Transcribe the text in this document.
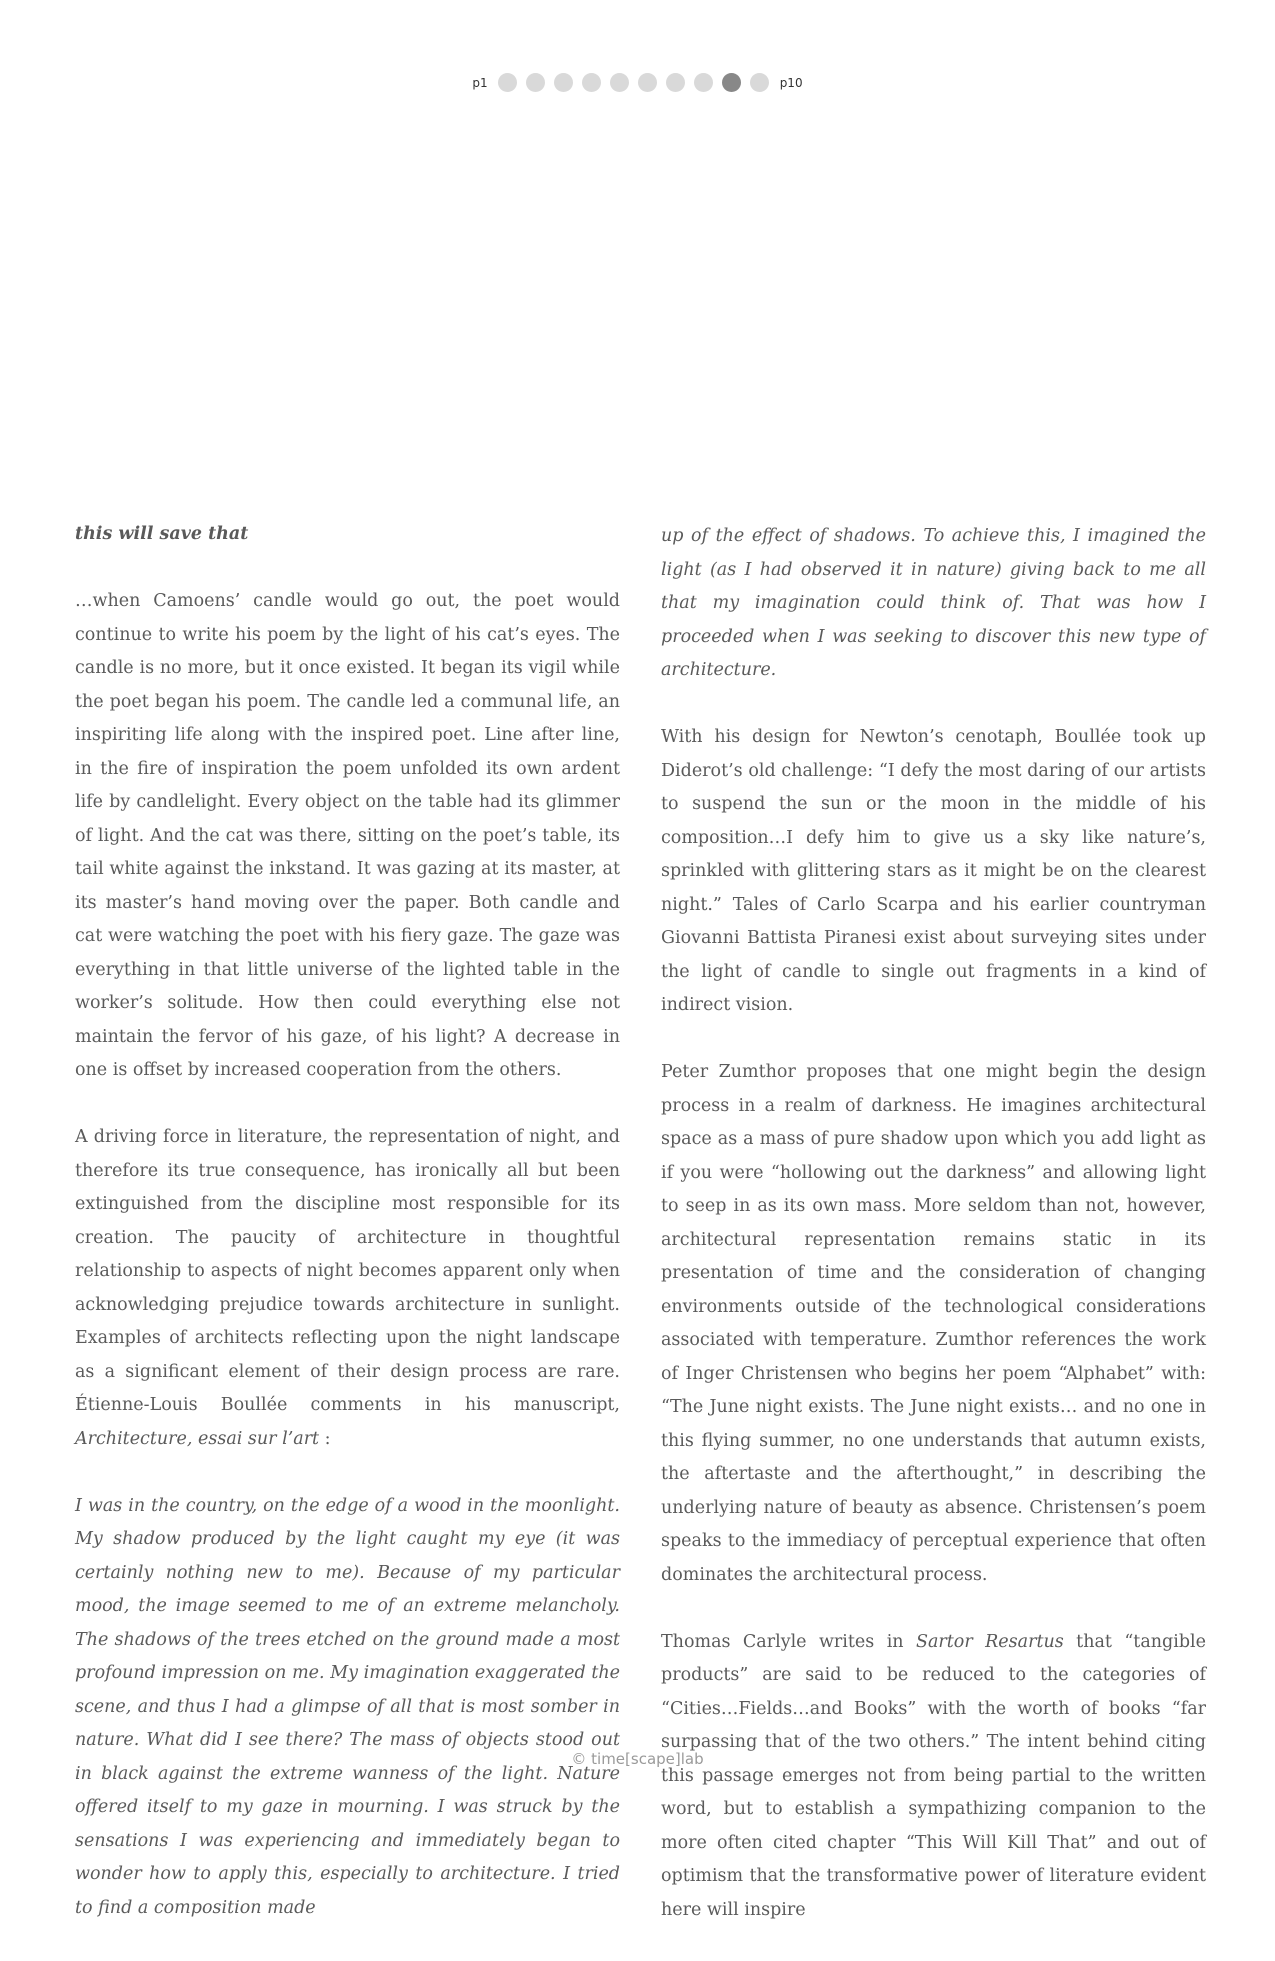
p1	p10
this will save that

…when Camoens’ candle would go out, the poet would continue to write his poem by the light of his cat’s eyes. The candle is no more, but it once existed. It began its vigil while the poet began his poem. The candle led a communal life, an inspiriting life along with the inspired poet. Line after line, in the fire of inspiration the poem unfolded its own ardent life by candlelight. Every object on the table had its glimmer of light. And the cat was there, sitting on the poet’s table, its tail white against the inkstand. It was gazing at its master, at its master’s hand moving over the paper. Both candle and cat were watching the poet with his fiery gaze. The gaze was everything in that little universe of the lighted table in the worker’s solitude. How then could everything else not maintain the fervor of his gaze, of his light? A decrease in one is offset by increased cooperation from the others.

A driving force in literature, the representation of night, and therefore its true consequence, has ironically all but been extinguished from the discipline most responsible for its creation. The paucity of architecture in thoughtful relationship to aspects of night becomes apparent only when acknowledging prejudice towards architecture in sunlight. Examples of architects reflecting upon the night landscape as a significant element of their design process are rare. Étienne-Louis Boullée comments in his manuscript, Architecture, essai sur l’art :

I was in the country, on the edge of a wood in the moonlight. My shadow produced by the light caught my eye (it was certainly nothing new to me). Because of my particular mood, the image seemed to me of an extreme melancholy. The shadows of the trees etched on the ground made a most profound impression on me. My imagination exaggerated the scene, and thus I had a glimpse of all that is most somber in nature. What did I see there? The mass of objects stood out in black against the extreme wanness of the light. Nature offered itself to my gaze in mourning. I was struck by the sensations I was experiencing and immediately began to wonder how to apply this, especially to architecture. I tried to find a composition made

up of the effect of shadows. To achieve this, I imagined the light (as I had observed it in nature) giving back to me all that my imagination could think of. That was how I proceeded when I was seeking to discover this new type of architecture.

With his design for Newton’s cenotaph, Boullée took up Diderot’s old challenge: “I defy the most daring of our artists to suspend the sun or the moon in the middle of his composition…I defy him to give us a sky like nature’s, sprinkled with glittering stars as it might be on the clearest night.” Tales of Carlo Scarpa and his earlier countryman Giovanni Battista Piranesi exist about surveying sites under the light of candle to single out fragments in a kind of indirect vision.

Peter Zumthor proposes that one might begin the design process in a realm of darkness. He imagines architectural space as a mass of pure shadow upon which you add light as if you were “hollowing out the darkness” and allowing light to seep in as its own mass. More seldom than not, however, architectural representation remains static in its presentation of time and the consideration of changing environments outside of the technological considerations associated with temperature. Zumthor references the work of Inger Christensen who begins her poem “Alphabet” with: “The June night exists. The June night exists… and no one in this flying summer, no one understands that autumn exists, the aftertaste and the afterthought,” in describing the underlying nature of beauty as absence. Christensen’s poem speaks to the immediacy of perceptual experience that often dominates the architectural process.

Thomas Carlyle writes in Sartor Resartus that “tangible products” are said to be reduced to the categories of “Cities…Fields…and Books” with the worth of books “far surpassing that of the two others.” The intent behind citing this passage emerges not from being partial to the written word, but to establish a sympathizing companion to the more often cited chapter “This Will Kill That” and out of optimism that the transformative power of literature evident here will inspire

© time[scape]lab
